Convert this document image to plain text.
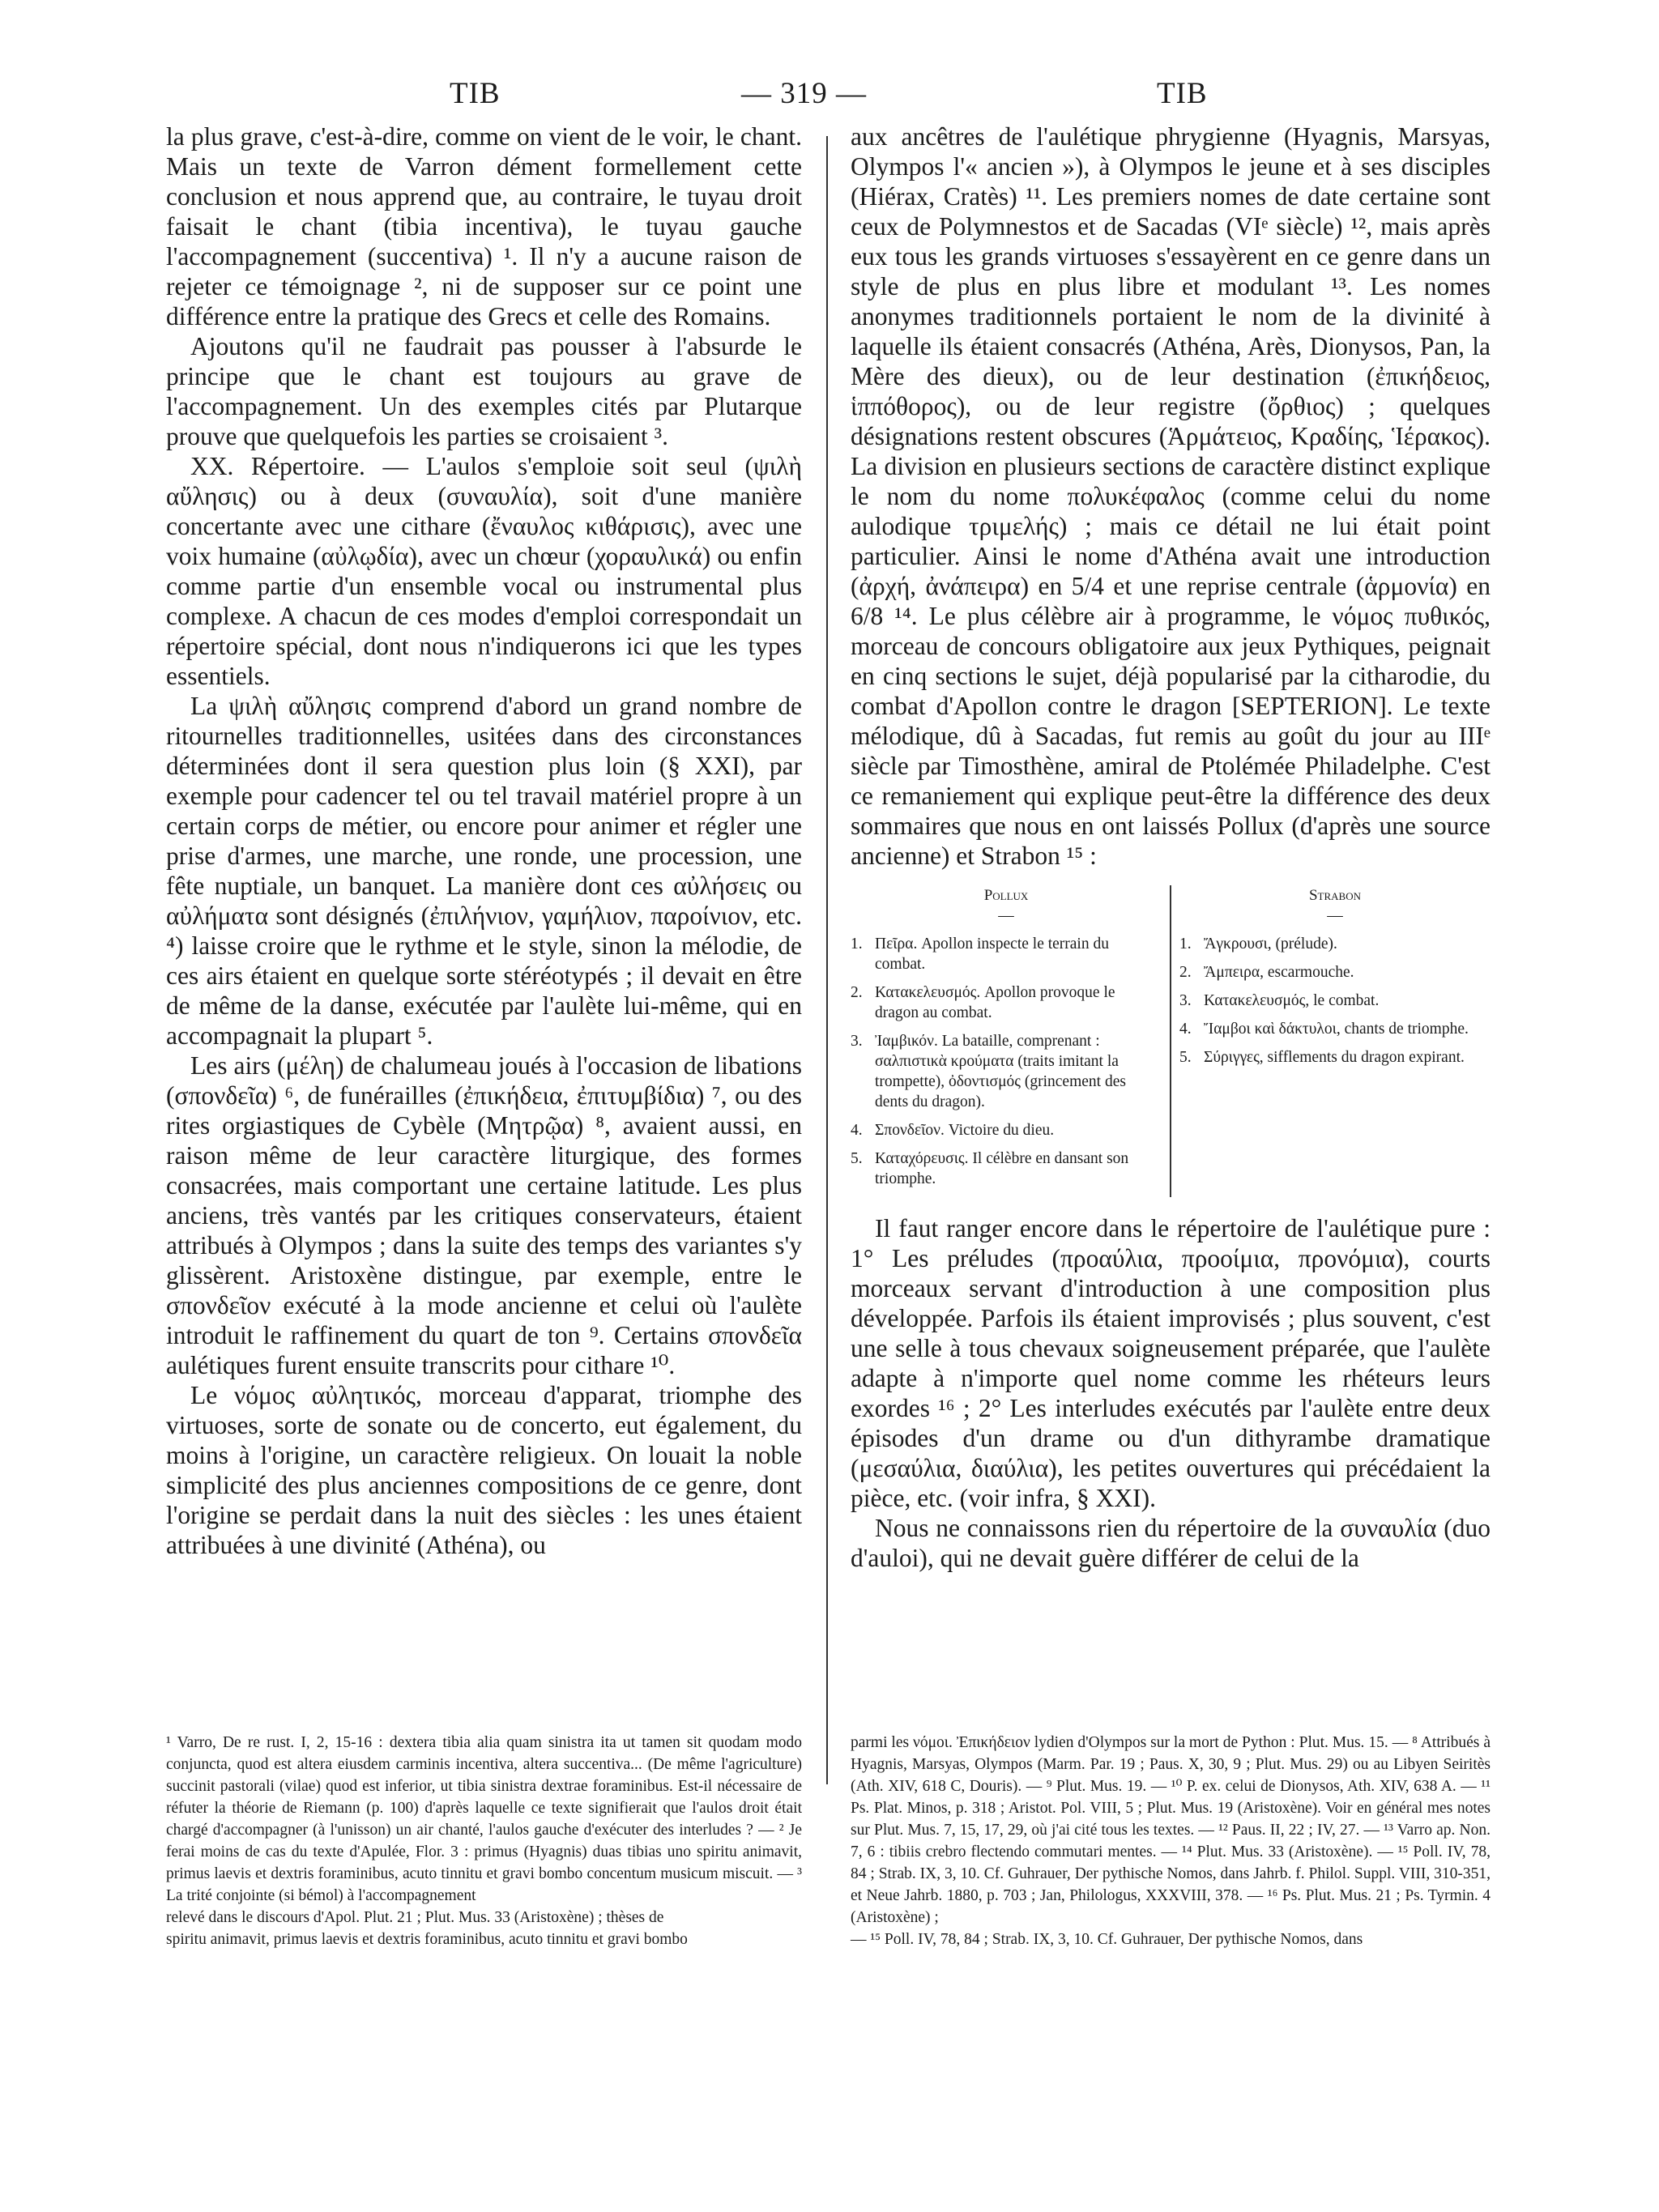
TIB	— 319 —	TIB

la plus grave, c'est-à-dire, comme on vient de le voir, le chant. Mais un texte de Varron dément formellement cette conclusion et nous apprend que, au contraire, le tuyau droit faisait le chant (tibia incentiva), le tuyau gauche l'accompagnement (succentiva) ¹. Il n'y a aucune raison de rejeter ce témoignage ², ni de supposer sur ce point une différence entre la pratique des Grecs et celle des Romains.

Ajoutons qu'il ne faudrait pas pousser à l'absurde le principe que le chant est toujours au grave de l'accompagnement. Un des exemples cités par Plutarque prouve que quelquefois les parties se croisaient ³.

XX. Répertoire. — L'aulos s'emploie soit seul (ψιλὴ αὔλησις) ou à deux (συναυλία), soit d'une manière concertante avec une cithare (ἔναυλος κιθάρισις), avec une voix humaine (αὐλῳδία), avec un chœur (χοραυλικά) ou enfin comme partie d'un ensemble vocal ou instrumental plus complexe. A chacun de ces modes d'emploi correspondait un répertoire spécial, dont nous n'indiquerons ici que les types essentiels.

La ψιλὴ αὔλησις comprend d'abord un grand nombre de ritournelles traditionnelles, usitées dans des circonstances déterminées dont il sera question plus loin (§ XXI), par exemple pour cadencer tel ou tel travail matériel propre à un certain corps de métier, ou encore pour animer et régler une prise d'armes, une marche, une ronde, une procession, une fête nuptiale, un banquet. La manière dont ces αὐλήσεις ou αὐλήματα sont désignés (ἐπιλήνιον, γαμήλιον, παροίνιον, etc. ⁴) laisse croire que le rythme et le style, sinon la mélodie, de ces airs étaient en quelque sorte stéréotypés ; il devait en être de même de la danse, exécutée par l'aulète lui-même, qui en accompagnait la plupart ⁵.

Les airs (μέλη) de chalumeau joués à l'occasion de libations (σπονδεῖα) ⁶, de funérailles (ἐπικήδεια, ἐπιτυμβίδια) ⁷, ou des rites orgiastiques de Cybèle (Μητρῷα) ⁸, avaient aussi, en raison même de leur caractère liturgique, des formes consacrées, mais comportant une certaine latitude. Les plus anciens, très vantés par les critiques conservateurs, étaient attribués à Olympos ; dans la suite des temps des variantes s'y glissèrent. Aristoxène distingue, par exemple, entre le σπονδεῖον exécuté à la mode ancienne et celui où l'aulète introduit le raffinement du quart de ton ⁹. Certains σπονδεῖα aulétiques furent ensuite transcrits pour cithare ¹⁰.

Le νόμος αὐλητικός, morceau d'apparat, triomphe des virtuoses, sorte de sonate ou de concerto, eut également, du moins à l'origine, un caractère religieux. On louait la noble simplicité des plus anciennes compositions de ce genre, dont l'origine se perdait dans la nuit des siècles : les unes étaient attribuées à une divinité (Athéna), ou

aux ancêtres de l'aulétique phrygienne (Hyagnis, Marsyas, Olympos l'« ancien »), à Olympos le jeune et à ses disciples (Hiérax, Cratès) ¹¹. Les premiers nomes de date certaine sont ceux de Polymnestos et de Sacadas (VIᵉ siècle) ¹², mais après eux tous les grands virtuoses s'essayèrent en ce genre dans un style de plus en plus libre et modulant ¹³. Les nomes anonymes traditionnels portaient le nom de la divinité à laquelle ils étaient consacrés (Athéna, Arès, Dionysos, Pan, la Mère des dieux), ou de leur destination (ἐπικήδειος, ἱππόθορος), ou de leur registre (ὄρθιος) ; quelques désignations restent obscures (Ἁρμάτειος, Κραδίης, Ἱέρακος). La division en plusieurs sections de caractère distinct explique le nom du nome πολυκέφαλος (comme celui du nome aulodique τριμελής) ; mais ce détail ne lui était point particulier. Ainsi le nome d'Athéna avait une introduction (ἀρχή, ἀνάπειρα) en 5/4 et une reprise centrale (ἁρμονία) en 6/8 ¹⁴. Le plus célèbre air à programme, le νόμος πυθικός, morceau de concours obligatoire aux jeux Pythiques, peignait en cinq sections le sujet, déjà popularisé par la citharodie, du combat d'Apollon contre le dragon [SEPTERION]. Le texte mélodique, dû à Sacadas, fut remis au goût du jour au IIIᵉ siècle par Timosthène, amiral de Ptolémée Philadelphe. C'est ce remaniement qui explique peut-être la différence des deux sommaires que nous en ont laissés Pollux (d'après une source ancienne) et Strabon ¹⁵ :

Pollux
—
1. Πεῖρα. Apollon inspecte le terrain du combat.
2. Κατακελευσμός. Apollon provoque le dragon au combat.
3. Ἰαμβικόν. La bataille, comprenant : σαλπιστικὰ κρούματα (traits imitant la trompette), ὀδοντισμός (grincement des dents du dragon).
4. Σπονδεῖον. Victoire du dieu.
5. Καταχόρευσις. Il célèbre en dansant son triomphe.
Strabon
—
1. Ἄγκρουσι, (prélude).
2. Ἄμπειρα, escarmouche.
3. Κατακελευσμός, le combat.
4. Ἴαμβοι καὶ δάκτυλοι, chants de triomphe.
5. Σύριγγες, sifflements du dragon expirant.

Il faut ranger encore dans le répertoire de l'aulétique pure : 1° Les préludes (προαύλια, προοίμια, προνόμια), courts morceaux servant d'introduction à une composition plus développée. Parfois ils étaient improvisés ; plus souvent, c'est une selle à tous chevaux soigneusement préparée, que l'aulète adapte à n'importe quel nome comme les rhéteurs leurs exordes ¹⁶ ; 2° Les interludes exécutés par l'aulète entre deux épisodes d'un drame ou d'un dithyrambe dramatique (μεσαύλια, διαύλια), les petites ouvertures qui précédaient la pièce, etc. (voir infra, § XXI).

Nous ne connaissons rien du répertoire de la συναυλία (duo d'auloi), qui ne devait guère différer de celui de la

¹ Varro, De re rust. I, 2, 15-16 : dextera tibia alia quam sinistra ita ut tamen sit quodam modo conjuncta, quod est altera eiusdem carminis incentiva, altera succentiva... (De même l'agriculture) succinit pastorali (vilae) quod est inferior, ut tibia sinistra dextrae foraminibus. Est-il nécessaire de réfuter la théorie de Riemann (p. 100) d'après laquelle ce texte signifierait que l'aulos droit était chargé d'accompagner (à l'unisson) un air chanté, l'aulos gauche d'exécuter des interludes ? — ² Je ferai moins de cas du texte d'Apulée, Flor. 3 : primus (Hyagnis) duas tibias uno spiritu animavit, primus laevis et dextris foraminibus, acuto tinnitu et gravi bombo concentum musicum miscuit. — ³ La trité conjointe (si bémol) à l'accompagnement

relevé dans le discours d'Apol. Plut. 21 ; Plut. Mus. 33 (Aristoxène) ; thèses de

spiritu animavit, primus laevis et dextris foraminibus, acuto tinnitu et gravi bombo

parmi les νόμοι. Ἐπικήδειον lydien d'Olympos sur la mort de Python : Plut. Mus. 15. — ⁸ Attribués à Hyagnis, Marsyas, Olympos (Marm. Par. 19 ; Paus. X, 30, 9 ; Plut. Mus. 29) ou au Libyen Seiritès (Ath. XIV, 618 C, Douris). — ⁹ Plut. Mus. 19. — ¹⁰ P. ex. celui de Dionysos, Ath. XIV, 638 A. — ¹¹ Ps. Plat. Minos, p. 318 ; Aristot. Pol. VIII, 5 ; Plut. Mus. 19 (Aristoxène). Voir en général mes notes sur Plut. Mus. 7, 15, 17, 29, où j'ai cité tous les textes. — ¹² Paus. II, 22 ; IV, 27. — ¹³ Varro ap. Non. 7, 6 : tibiis crebro flectendo commutari mentes. — ¹⁴ Plut. Mus. 33 (Aristoxène). — ¹⁵ Poll. IV, 78, 84 ; Strab. IX, 3, 10. Cf. Guhrauer, Der pythische Nomos, dans Jahrb. f. Philol. Suppl. VIII, 310-351, et Neue Jahrb. 1880, p. 703 ; Jan, Philologus, XXXVIII, 378. — ¹⁶ Ps. Plut. Mus. 21 ; Ps. Tyrmin. 4 (Aristoxène) ;

— ¹⁵ Poll. IV, 78, 84 ; Strab. IX, 3, 10. Cf. Guhrauer, Der pythische Nomos, dans
